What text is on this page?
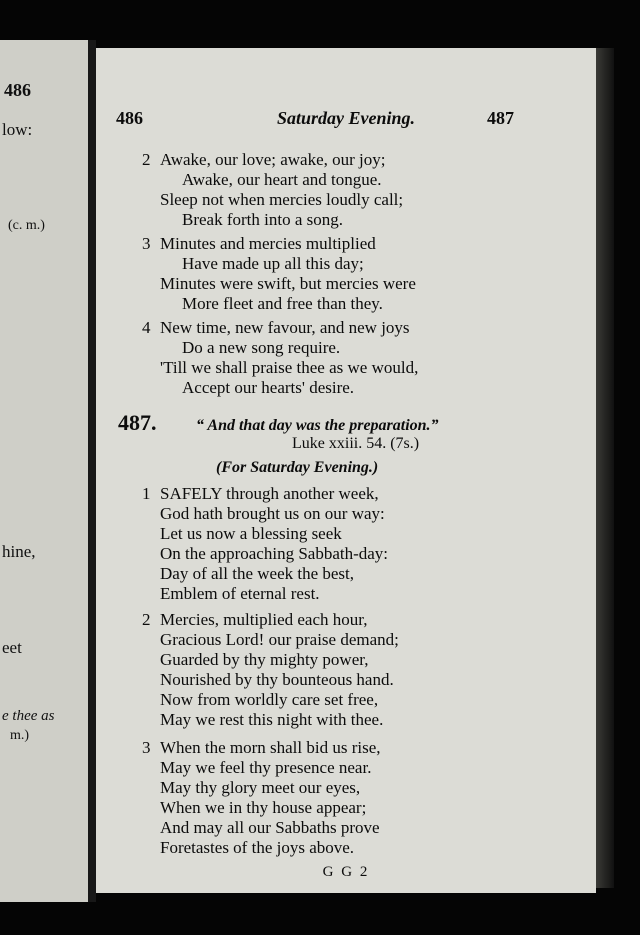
486
low:
(c. m.)
hine,
eet
e thee as
m.)
486	Saturday Evening.	487
2 Awake, our love; awake, our joy;
Awake, our heart and tongue.
Sleep not when mercies loudly call;
Break forth into a song.
3 Minutes and mercies multiplied
Have made up all this day;
Minutes were swift, but mercies were
More fleet and free than they.
4 New time, new favour, and new joys
Do a new song require.
'Till we shall praise thee as we would,
Accept our hearts' desire.
487. “ And that day was the preparation.”
Luke xxiii. 54. (7s.)
(For Saturday Evening.)
1 SAFELY through another week,
God hath brought us on our way:
Let us now a blessing seek
On the approaching Sabbath-day:
Day of all the week the best,
Emblem of eternal rest.
2 Mercies, multiplied each hour,
Gracious Lord! our praise demand;
Guarded by thy mighty power,
Nourished by thy bounteous hand.
Now from worldly care set free,
May we rest this night with thee.
3 When the morn shall bid us rise,
May we feel thy presence near.
May thy glory meet our eyes,
When we in thy house appear;
And may all our Sabbaths prove
Foretastes of the joys above.
G G 2
